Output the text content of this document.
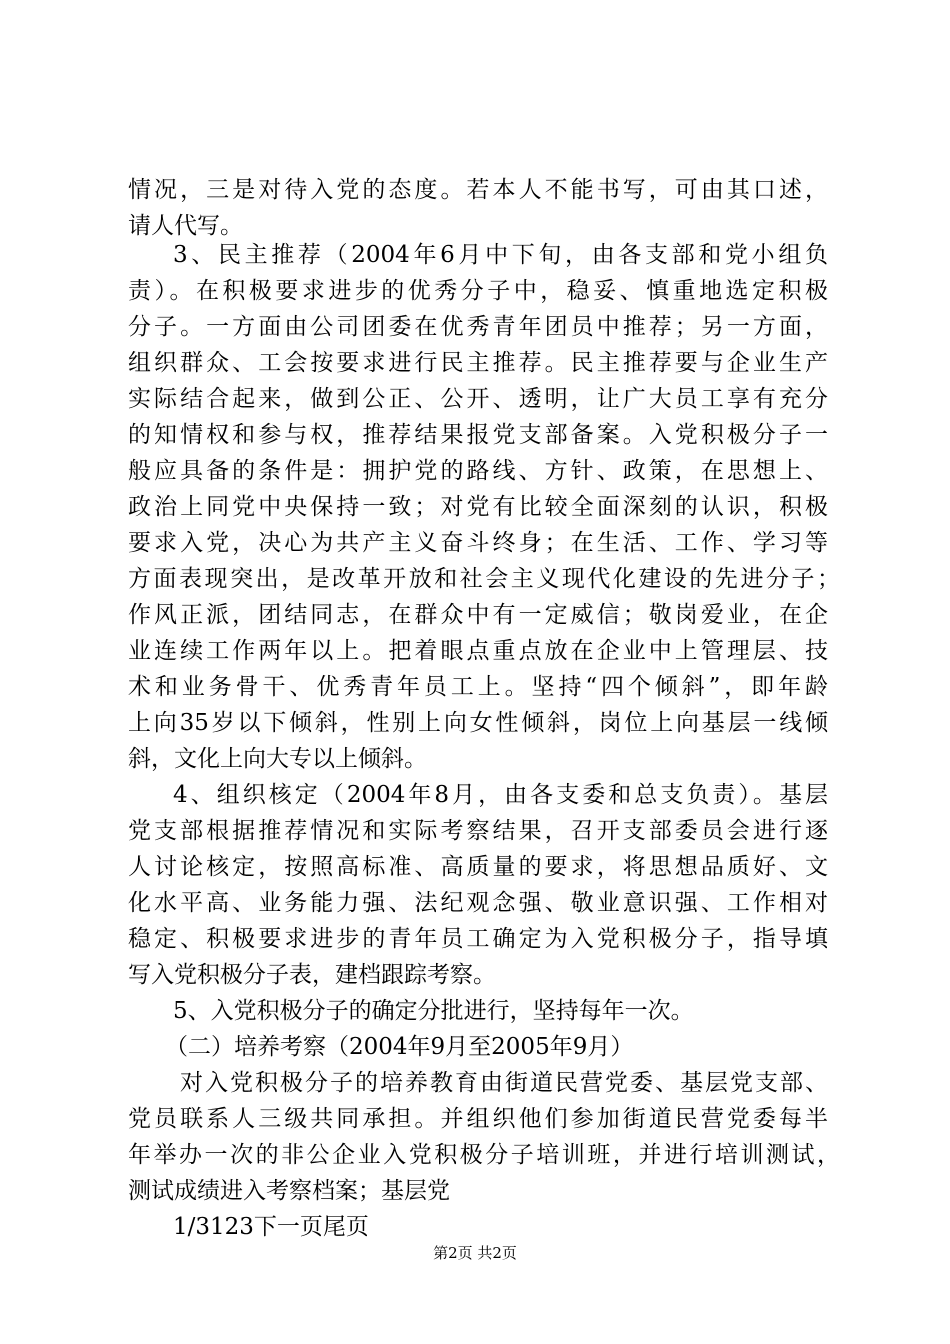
情况，三是对待入党的态度。若本人不能书写，可由其口述，
请人代写。
3、民主推荐（2004年6月中下旬，由各支部和党小组负
责）。在积极要求进步的优秀分子中，稳妥、慎重地选定积极
分子。一方面由公司团委在优秀青年团员中推荐；另一方面，
组织群众、工会按要求进行民主推荐。民主推荐要与企业生产
实际结合起来，做到公正、公开、透明，让广大员工享有充分
的知情权和参与权，推荐结果报党支部备案。入党积极分子一
般应具备的条件是：拥护党的路线、方针、政策，在思想上、
政治上同党中央保持一致；对党有比较全面深刻的认识，积极
要求入党，决心为共产主义奋斗终身；在生活、工作、学习等
方面表现突出，是改革开放和社会主义现代化建设的先进分子；
作风正派，团结同志，在群众中有一定威信；敬岗爱业，在企
业连续工作两年以上。把着眼点重点放在企业中上管理层、技
术和业务骨干、优秀青年员工上。坚持“四个倾斜”，即年龄
上向35岁以下倾斜，性别上向女性倾斜，岗位上向基层一线倾
斜，文化上向大专以上倾斜。
4、组织核定（2004年8月，由各支委和总支负责）。基层
党支部根据推荐情况和实际考察结果，召开支部委员会进行逐
人讨论核定，按照高标准、高质量的要求，将思想品质好、文
化水平高、业务能力强、法纪观念强、敬业意识强、工作相对
稳定、积极要求进步的青年员工确定为入党积极分子，指导填
写入党积极分子表，建档跟踪考察。
5、入党积极分子的确定分批进行，坚持每年一次。
（二）培养考察（2004年9月至2005年9月）
对入党积极分子的培养教育由街道民营党委、基层党支部、
党员联系人三级共同承担。并组织他们参加街道民营党委每半
年举办一次的非公企业入党积极分子培训班，并进行培训测试，
测试成绩进入考察档案；基层党
1/3123下一页尾页
第2页 共2页
